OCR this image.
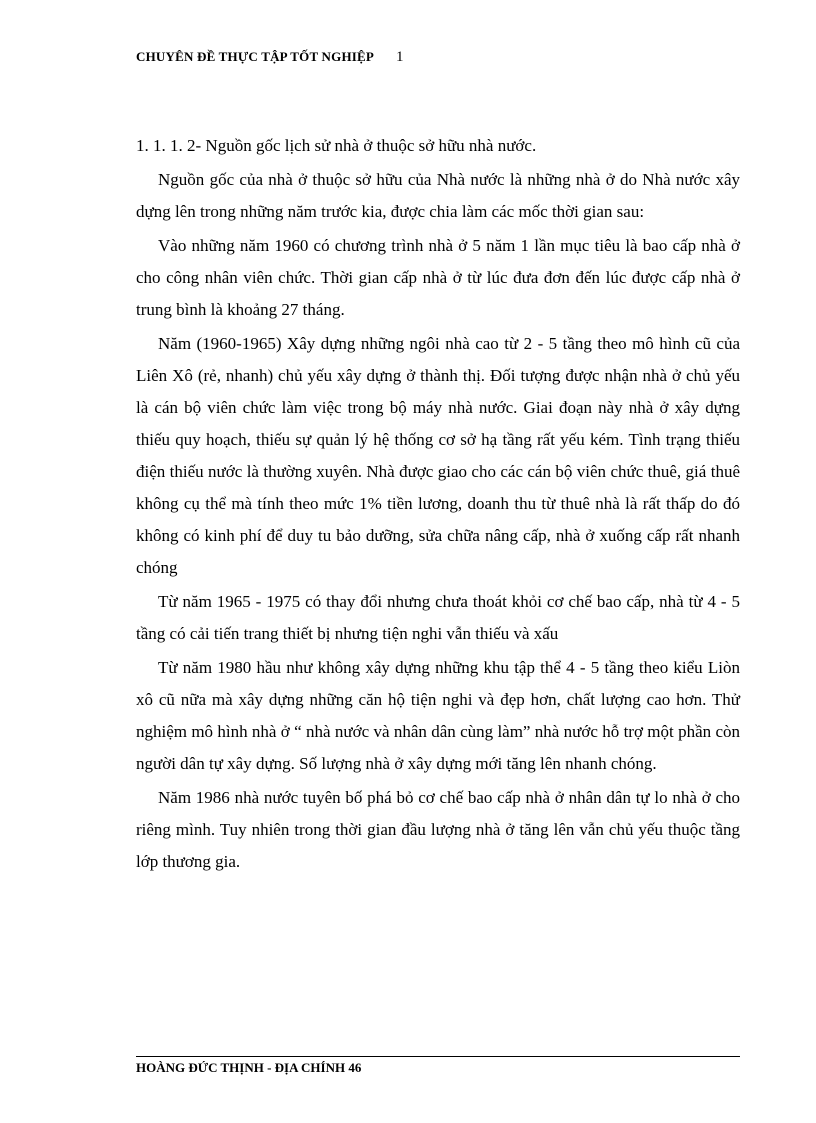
CHUYÊN ĐỀ THỰC TẬP TỐT NGHIỆP 1
1. 1. 1. 2- Nguồn gốc lịch sử nhà ở thuộc sở hữu nhà nước.

Nguồn gốc của nhà ở thuộc sở hữu của Nhà nước là những nhà ở do Nhà nước xây dựng lên trong những năm trước kia, được chia làm các mốc thời gian sau:

Vào những năm 1960 có chương trình nhà ở 5 năm 1 lần mục tiêu là bao cấp nhà ở cho công nhân viên chức. Thời gian cấp nhà ở từ lúc đưa đơn đến lúc được cấp nhà ở trung bình là khoảng 27 tháng.

Năm (1960-1965) Xây dựng những ngôi nhà cao từ 2 - 5 tầng theo mô hình cũ của Liên Xô (rẻ, nhanh) chủ yếu xây dựng ở thành thị. Đối tượng được nhận nhà ở chủ yếu là cán bộ viên chức làm việc trong bộ máy nhà nước. Giai đoạn này nhà ở xây dựng thiếu quy hoạch, thiếu sự quản lý hệ thống cơ sở hạ tầng rất yếu kém. Tình trạng thiếu điện thiếu nước là thường xuyên. Nhà được giao cho các cán bộ viên chức thuê, giá thuê không cụ thể mà tính theo mức 1% tiền lương, doanh thu từ thuê nhà là rất thấp do đó không có kinh phí để duy tu bảo dưỡng, sửa chữa nâng cấp, nhà ở xuống cấp rất nhanh chóng

Từ năm 1965 - 1975 có thay đổi nhưng chưa thoát khỏi cơ chế bao cấp, nhà từ 4 - 5 tầng có cải tiến trang thiết bị nhưng tiện nghi vẫn thiếu và xấu

Từ năm 1980 hầu như không xây dựng những khu tập thể 4 - 5 tầng theo kiểu Liòn xô cũ nữa mà xây dựng những căn hộ tiện nghi và đẹp hơn, chất lượng cao hơn. Thử nghiệm mô hình nhà ở “ nhà nước và nhân dân cùng làm” nhà nước hỗ trợ một phần còn người dân tự xây dựng. Số lượng nhà ở xây dựng mới tăng lên nhanh chóng.

Năm 1986 nhà nước tuyên bố phá bỏ cơ chế bao cấp nhà ở nhân dân tự lo nhà ở cho riêng mình. Tuy nhiên trong thời gian đầu lượng nhà ở tăng lên vẫn chủ yếu thuộc tầng lớp thương gia.

HOÀNG ĐỨC THỊNH - ĐỊA CHÍNH 46
